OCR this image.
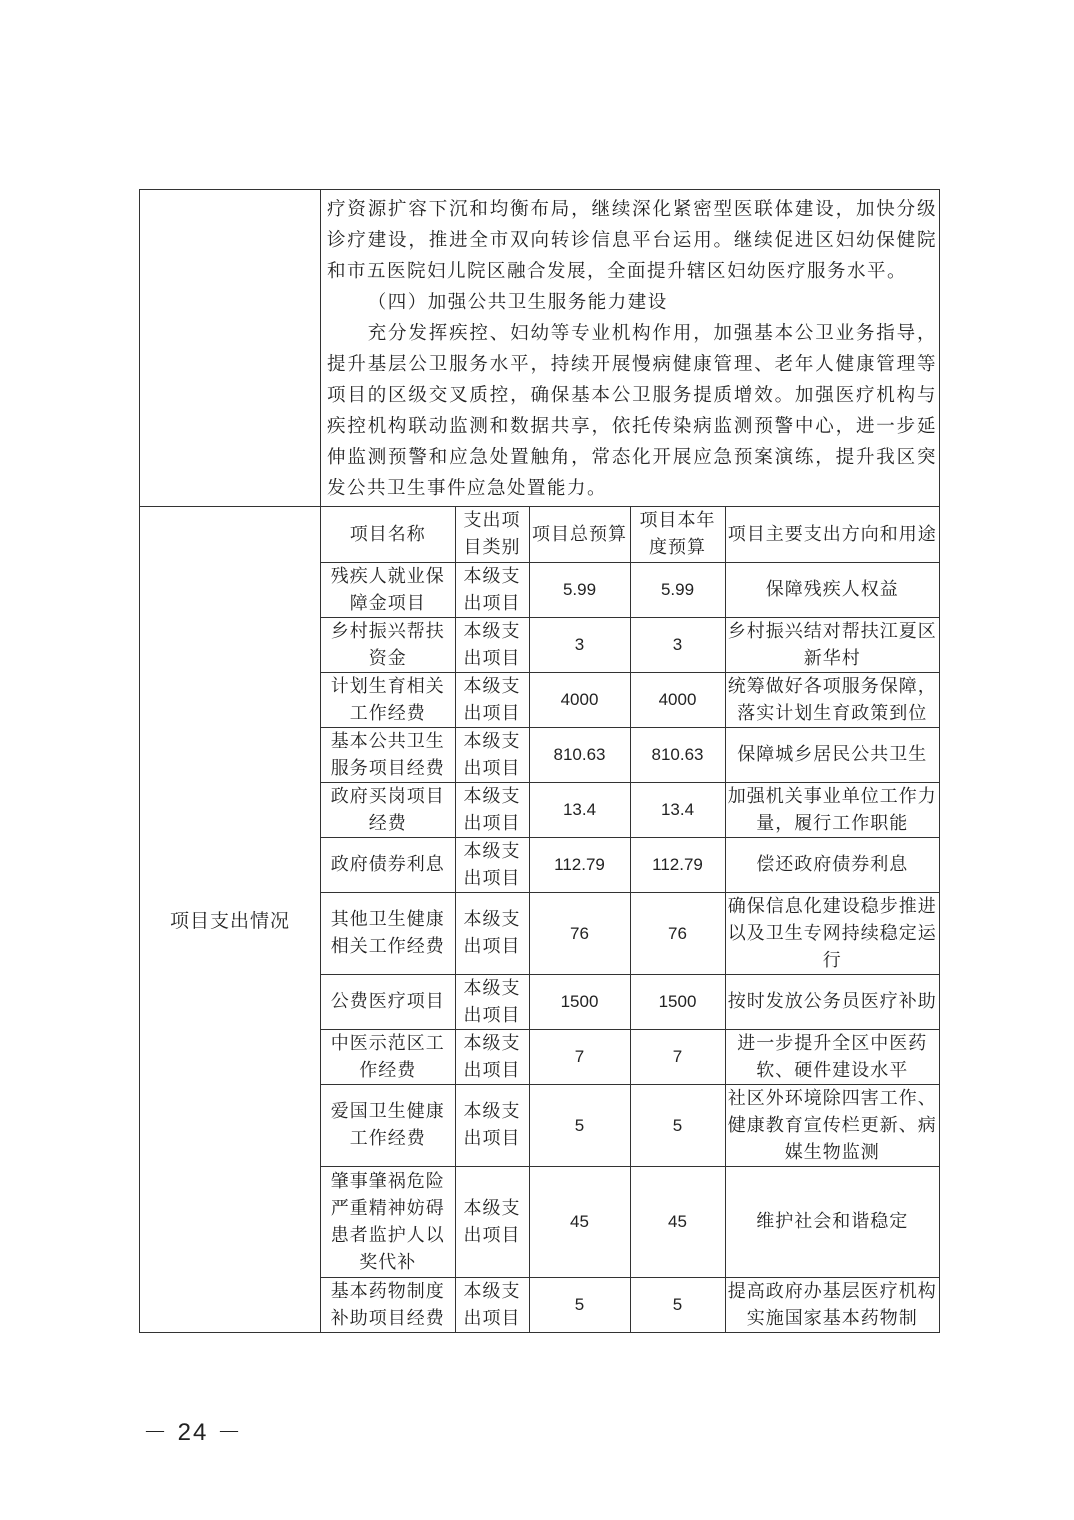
疗资源扩容下沉和均衡布局，继续深化紧密型医联体建设，加快分级诊疗建设，推进全市双向转诊信息平台运用。继续促进区妇幼保健院和市五医院妇儿院区融合发展，全面提升辖区妇幼医疗服务水平。

（四）加强公共卫生服务能力建设

充分发挥疾控、妇幼等专业机构作用，加强基本公卫业务指导，提升基层公卫服务水平，持续开展慢病健康管理、老年人健康管理等项目的区级交叉质控，确保基本公卫服务提质增效。加强医疗机构与疾控机构联动监测和数据共享，依托传染病监测预警中心，进一步延伸监测预警和应急处置触角，常态化开展应急预案演练，提升我区突发公共卫生事件应急处置能力。

项目支出情况	
项目名称	支出项目类别	项目总预算	项目本年度预算	项目主要支出方向和用途
残疾人就业保障金项目	本级支出项目	5.99	5.99	保障残疾人权益
乡村振兴帮扶资金	本级支出项目	3	3	乡村振兴结对帮扶江夏区新华村
计划生育相关工作经费	本级支出项目	4000	4000	统筹做好各项服务保障，落实计划生育政策到位
基本公共卫生服务项目经费	本级支出项目	810.63	810.63	保障城乡居民公共卫生
政府买岗项目经费	本级支出项目	13.4	13.4	加强机关事业单位工作力量，履行工作职能
政府债券利息	本级支出项目	112.79	112.79	偿还政府债券利息
其他卫生健康相关工作经费	本级支出项目	76	76	确保信息化建设稳步推进以及卫生专网持续稳定运行
公费医疗项目	本级支出项目	1500	1500	按时发放公务员医疗补助
中医示范区工作经费	本级支出项目	7	7	进一步提升全区中医药软、硬件建设水平
爱国卫生健康工作经费	本级支出项目	5	5	社区外环境除四害工作、健康教育宣传栏更新、病媒生物监测
肇事肇祸危险严重精神妨碍患者监护人以奖代补	本级支出项目	45	45	维护社会和谐稳定
基本药物制度补助项目经费	本级支出项目	5	5	提高政府办基层医疗机构实施国家基本药物制
－ 24 －
